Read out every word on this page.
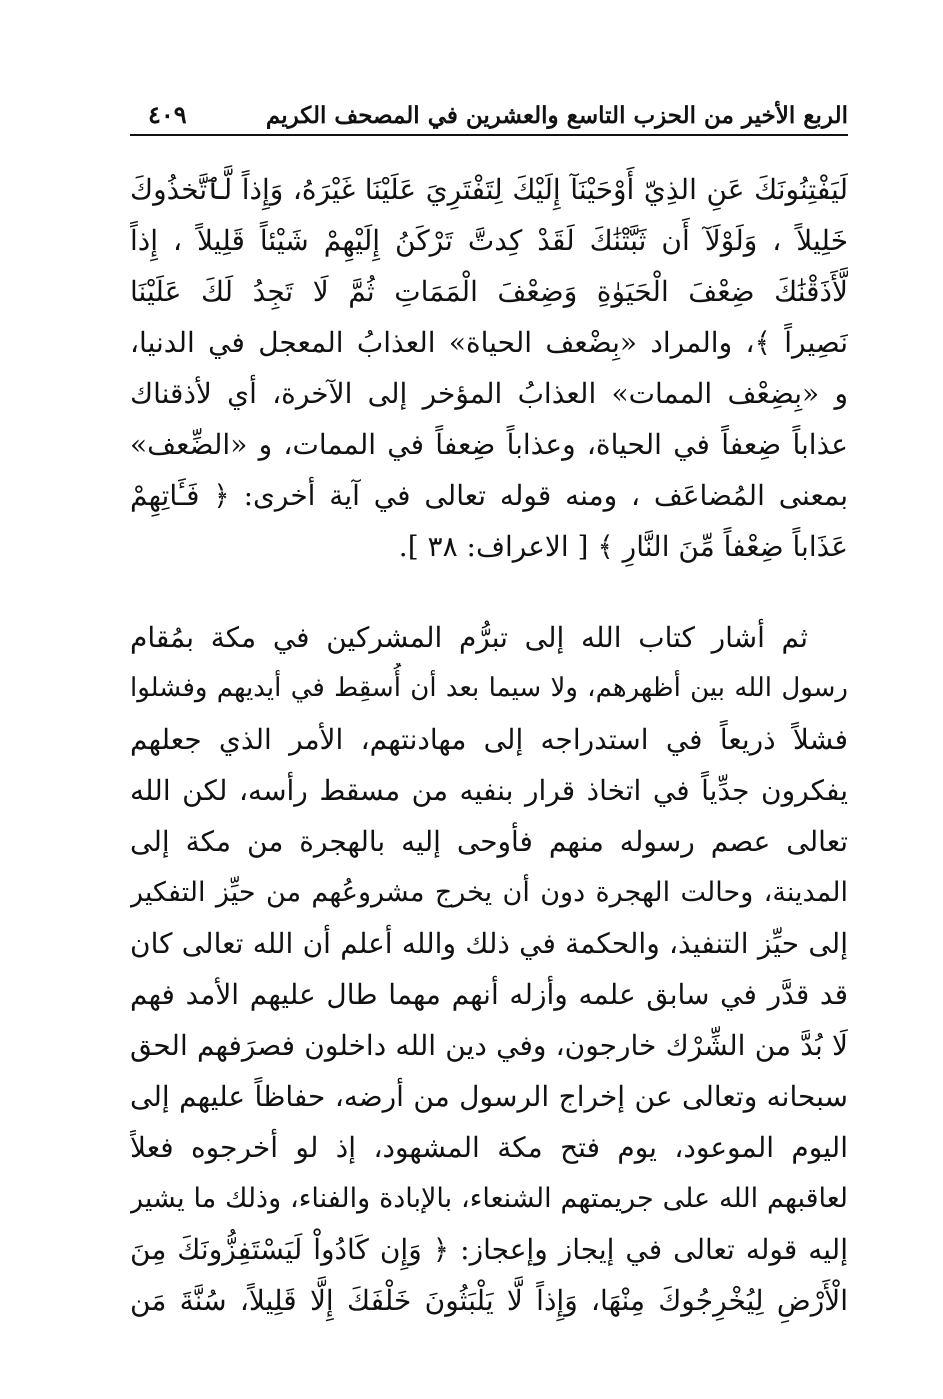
الربع الأخير من الحزب التاسع والعشرين في المصحف الكريم
٤٠٩
لَيَفْتِنُونَكَ عَنِ الذِيّ أَوْحَيْنَآ إِلَيْكَ لِتَفْتَرِيَ عَلَيْنَا غَيْرَهُ، وَإِذاً لَّٱتَّخذُوكَ
خَلِيلاً ، وَلَوْلَآ أَن ثَبَّتْنَٰكَ لَقَدْ كِدتَّ تَرْكَنُ إِلَيْهِمْ شَيْئاً قَلِيلاً ، إِذاً
لَّأَذَقْنَٰكَ ضِعْفَ الْحَيَوٰةِ وَضِعْفَ الْمَمَاتِ ثُمَّ لَا تَجِدُ لَكَ عَلَيْنَا
نَصِيراً ﴾، والمراد «بِضْعف الحياة» العذابُ المعجل في الدنيا،
و «بِضِعْف الممات» العذابُ المؤخر إلى الآخرة، أي لأذقناك
عذاباً ضِعفاً في الحياة، وعذاباً ضِعفاً في الممات، و «الضِّعف»
بمعنى المُضاعَف ، ومنه قوله تعالى في آية أخرى: ﴿ فَـَٔاتِهِمْ
عَذَاباً ضِعْفاً مِّنَ النَّارِ ﴾ [ الاعراف: ٣٨ ].
ثم أشار كتاب الله إلى تبرُّم المشركين في مكة بمُقام
رسول الله بين أظهرهم، ولا سيما بعد أن أُسقِط في أيديهم وفشلوا
فشلاً ذريعاً في استدراجه إلى مهادنتهم، الأمر الذي جعلهم
يفكرون جدِّياً في اتخاذ قرار بنفيه من مسقط رأسه، لكن الله
تعالى عصم رسوله منهم فأوحى إليه بالهجرة من مكة إلى
المدينة، وحالت الهجرة دون أن يخرج مشروعُهم من حيِّز التفكير
إلى حيِّز التنفيذ، والحكمة في ذلك والله أعلم أن الله تعالى كان
قد قدَّر في سابق علمه وأزله أنهم مهما طال عليهم الأمد فهم
لَا بُدَّ من الشِّرْك خارجون، وفي دين الله داخلون فصرَفهم الحق
سبحانه وتعالى عن إخراج الرسول من أرضه، حفاظاً عليهم إلى
اليوم الموعود، يوم فتح مكة المشهود، إذ لو أخرجوه فعلاً
لعاقبهم الله على جريمتهم الشنعاء، بالإبادة والفناء، وذلك ما يشير
إليه قوله تعالى في إيجاز وإعجاز: ﴿ وَإِن كَادُواْ لَيَسْتَفِزُّونَكَ مِنَ
الْأَرْضِ لِيُخْرِجُوكَ مِنْهَا، وَإِذاً لَّا يَلْبَثُونَ خَلْفَكَ إِلَّا قَلِيلاً، سُنَّةَ مَن
